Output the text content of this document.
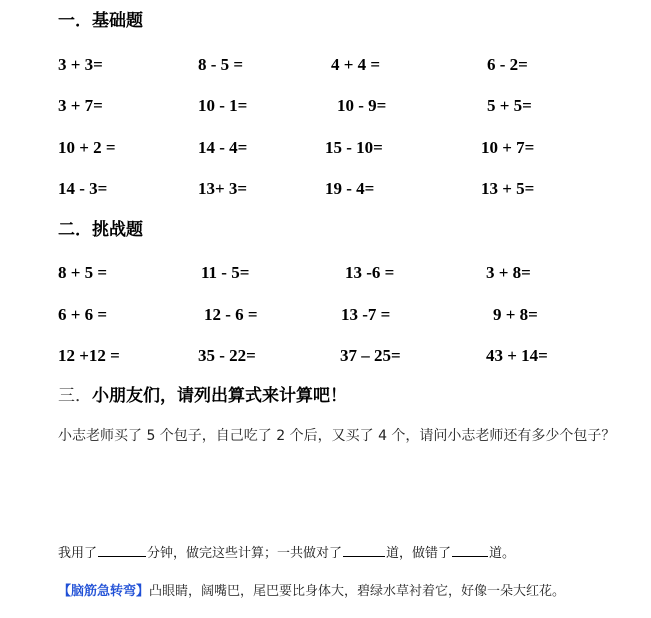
一．基础题
3 + 3=	8 - 5 =	4 + 4 =	6 - 2=
3 + 7=	10 - 1=	10 - 9=	5 + 5=
10 + 2 =	14 - 4=	15 - 10=	10 + 7=
14 - 3=	13+ 3=	19 - 4=	13 + 5=
二．挑战题
8 + 5 =	11 - 5=	13 -6 =	3 + 8=
6 + 6 =	12 - 6 =	13 -7 =	9 + 8=
12 +12 =	35 - 22=	37 – 25=	43 + 14=
三．小朋友们，请列出算式来计算吧！
小志老师买了 5 个包子，自己吃了 2 个后，又买了 4 个，请问小志老师还有多少个包子？
我用了	分钟，做完这些计算；一共做对了	道，做错了	道。
【脑筋急转弯】凸眼睛，阔嘴巴，尾巴要比身体大，碧绿水草衬着它，好像一朵大红花。
